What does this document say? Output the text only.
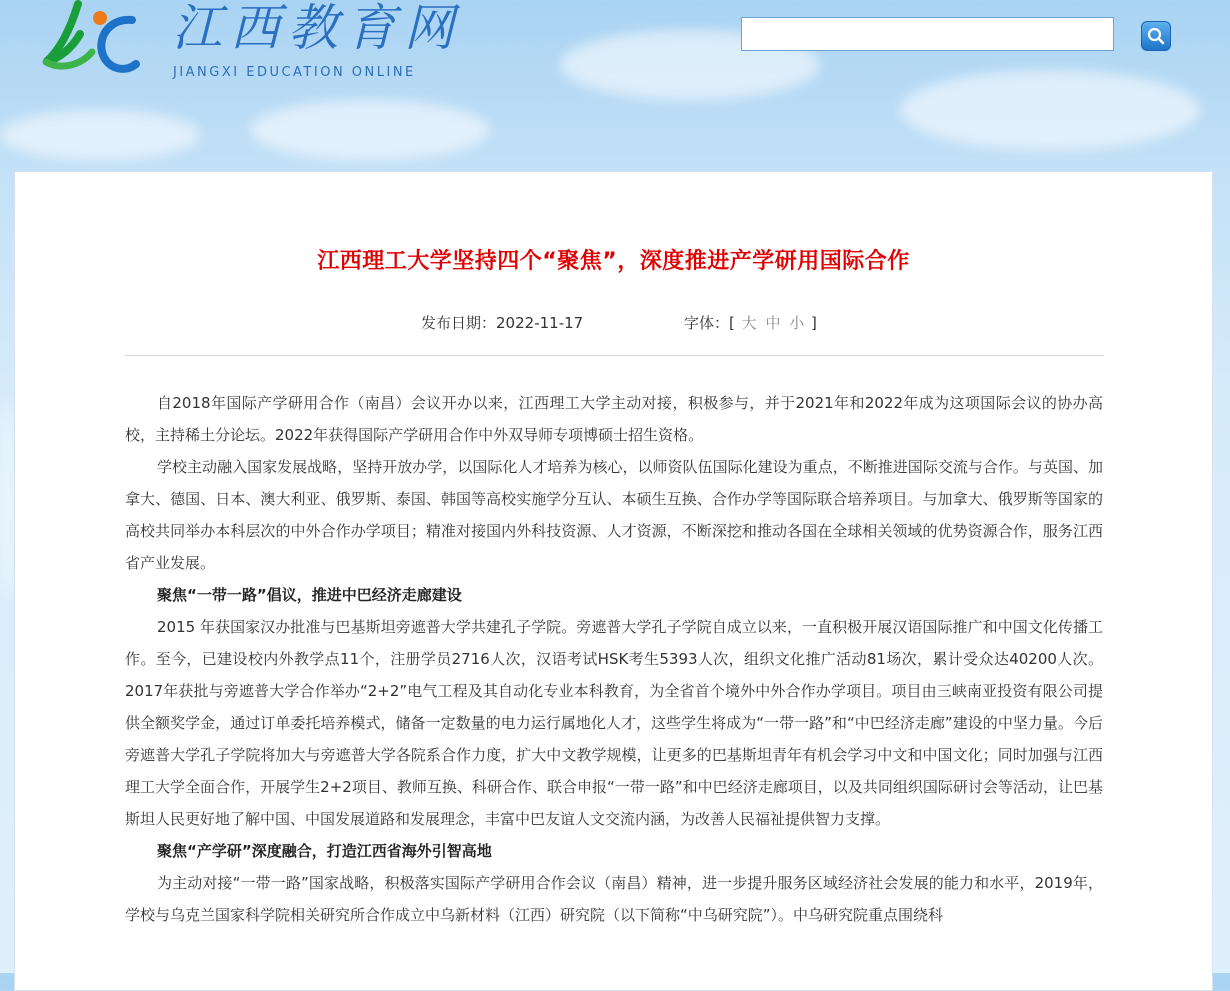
江西教育网
JIANGXI EDUCATION ONLINE
江西理工大学坚持四个“聚焦”，深度推进产学研用国际合作
发布日期：2022-11-17	字体：[ 大 中 小 ]

自2018年国际产学研用合作（南昌）会议开办以来，江西理工大学主动对接，积极参与，并于2021年和2022年成为这项国际会议的协办高校，主持稀土分论坛。2022年获得国际产学研用合作中外双导师专项博硕士招生资格。

学校主动融入国家发展战略，坚持开放办学，以国际化人才培养为核心，以师资队伍国际化建设为重点，不断推进国际交流与合作。与英国、加拿大、德国、日本、澳大利亚、俄罗斯、泰国、韩国等高校实施学分互认、本硕生互换、合作办学等国际联合培养项目。与加拿大、俄罗斯等国家的高校共同举办本科层次的中外合作办学项目；精准对接国内外科技资源、人才资源，不断深挖和推动各国在全球相关领域的优势资源合作，服务江西省产业发展。

聚焦“一带一路”倡议，推进中巴经济走廊建设

2015 年获国家汉办批准与巴基斯坦旁遮普大学共建孔子学院。旁遮普大学孔子学院自成立以来，一直积极开展汉语国际推广和中国文化传播工作。至今，已建设校内外教学点11个，注册学员2716人次，汉语考试HSK考生5393人次，组织文化推广活动81场次，累计受众达40200人次。2017年获批与旁遮普大学合作举办“2+2”电气工程及其自动化专业本科教育，为全省首个境外中外合作办学项目。项目由三峡南亚投资有限公司提供全额奖学金，通过订单委托培养模式，储备一定数量的电力运行属地化人才，这些学生将成为“一带一路”和“中巴经济走廊”建设的中坚力量。今后旁遮普大学孔子学院将加大与旁遮普大学各院系合作力度，扩大中文教学规模，让更多的巴基斯坦青年有机会学习中文和中国文化；同时加强与江西理工大学全面合作，开展学生2+2项目、教师互换、科研合作、联合申报“一带一路”和中巴经济走廊项目，以及共同组织国际研讨会等活动，让巴基斯坦人民更好地了解中国、中国发展道路和发展理念，丰富中巴友谊人文交流内涵，为改善人民福祉提供智力支撑。

聚焦“产学研”深度融合，打造江西省海外引智高地

为主动对接“一带一路”国家战略，积极落实国际产学研用合作会议（南昌）精神，进一步提升服务区域经济社会发展的能力和水平，2019年，学校与乌克兰国家科学院相关研究所合作成立中乌新材料（江西）研究院（以下简称“中乌研究院”）。中乌研究院重点围绕科
